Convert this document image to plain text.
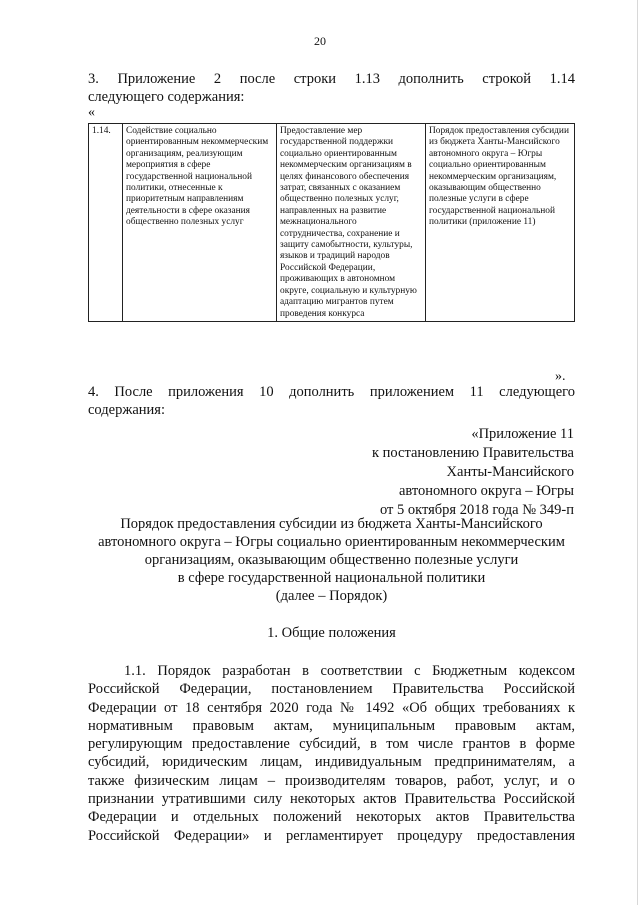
20
3. Приложение 2 после строки 1.13 дополнить строкой 1.14
следующего содержания:
«
1.14.	Содействие социально ориентированным некоммерческим организациям, реализующим мероприятия в сфере государственной национальной политики, отнесенные к приоритетным направлениям деятельности в сфере оказания общественно полезных услуг	Предоставление мер государственной поддержки социально ориентированным некоммерческим организациям в целях финансового обеспечения затрат, связанных с оказанием общественно полезных услуг, направленных на развитие межнационального сотрудничества, сохранение и защиту самобытности, культуры, языков и традиций народов Российской Федерации, проживающих в автономном округе, социальную и культурную адаптацию мигрантов путем проведения конкурса	Порядок предоставления субсидии из бюджета Ханты-Мансийского автономного округа – Югры социально ориентированным некоммерческим организациям, оказывающим общественно полезные услуги в сфере государственной национальной политики (приложение 11)
».
4. После приложения 10 дополнить приложением 11 следующего
содержания:
«Приложение 11
к постановлению Правительства
Ханты-Мансийского
автономного округа – Югры
от 5 октября 2018 года № 349-п
Порядок предоставления субсидии из бюджета Ханты-Мансийского
автономного округа – Югры социально ориентированным некоммерческим
организациям, оказывающим общественно полезные услуги
в сфере государственной национальной политики
(далее – Порядок)
1. Общие положения
1.1. Порядок разработан в соответствии с Бюджетным кодексом
Российской Федерации, постановлением Правительства Российской
Федерации от 18 сентября 2020 года № 1492 «Об общих требованиях к
нормативным правовым актам, муниципальным правовым актам,
регулирующим предоставление субсидий, в том числе грантов в форме
субсидий, юридическим лицам, индивидуальным предпринимателям, а
также физическим лицам – производителям товаров, работ, услуг, и о
признании утратившими силу некоторых актов Правительства Российской
Федерации и отдельных положений некоторых актов Правительства
Российской Федерации» и регламентирует процедуру предоставления
